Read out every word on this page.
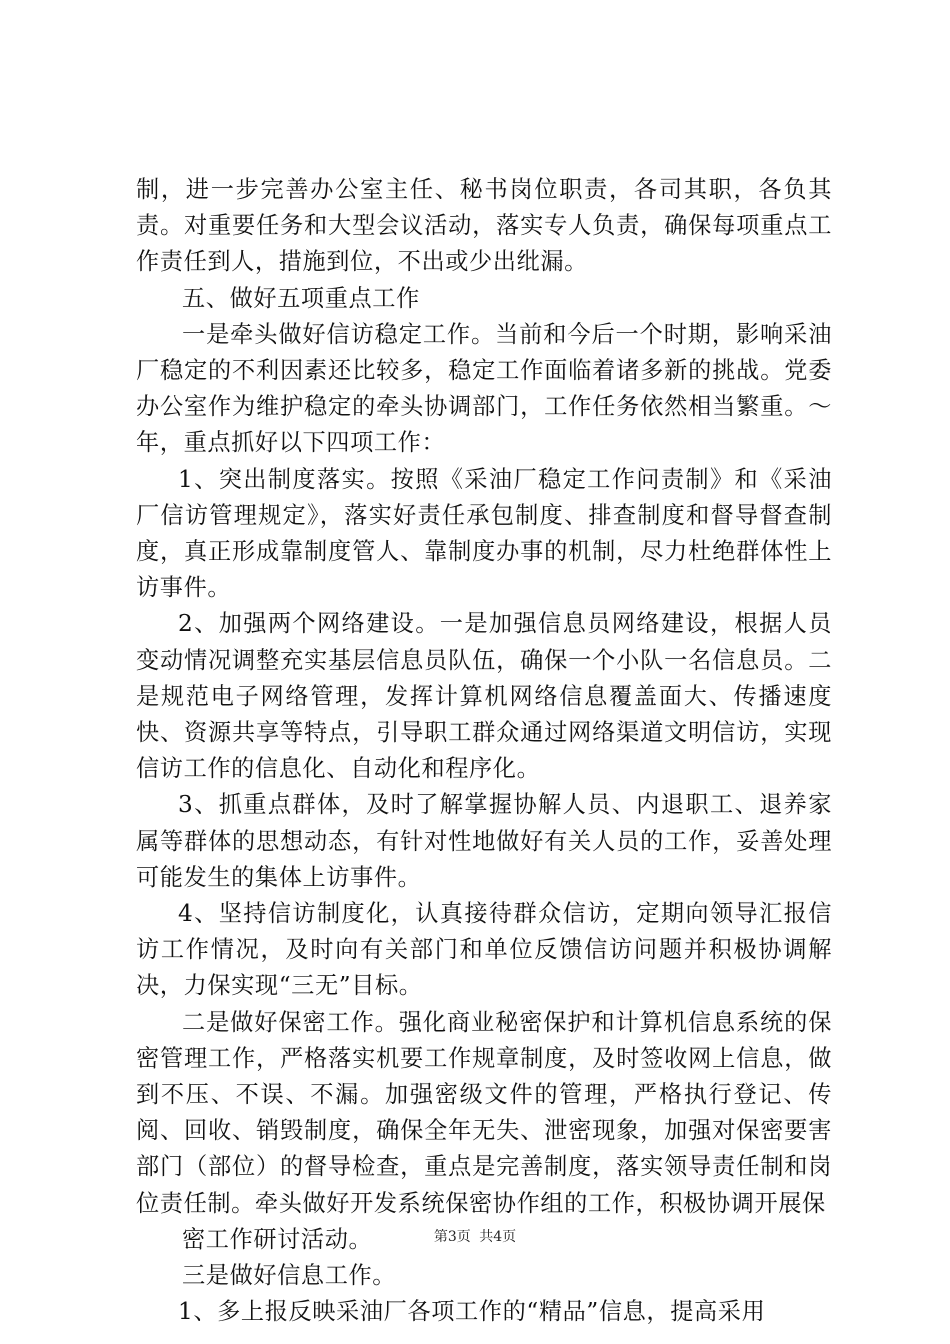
制，进一步完善办公室主任、秘书岗位职责，各司其职，各负其责。对重要任务和大型会议活动，落实专人负责，确保每项重点工作责任到人，措施到位，不出或少出纰漏。

五、做好五项重点工作

一是牵头做好信访稳定工作。当前和今后一个时期，影响采油厂稳定的不利因素还比较多，稳定工作面临着诸多新的挑战。党委办公室作为维护稳定的牵头协调部门，工作任务依然相当繁重。～年，重点抓好以下四项工作：

1、突出制度落实。按照《采油厂稳定工作问责制》和《采油厂信访管理规定》，落实好责任承包制度、排查制度和督导督查制度，真正形成靠制度管人、靠制度办事的机制，尽力杜绝群体性上访事件。

2、加强两个网络建设。一是加强信息员网络建设，根据人员变动情况调整充实基层信息员队伍，确保一个小队一名信息员。二是规范电子网络管理，发挥计算机网络信息覆盖面大、传播速度快、资源共享等特点，引导职工群众通过网络渠道文明信访，实现信访工作的信息化、自动化和程序化。

3、抓重点群体，及时了解掌握协解人员、内退职工、退养家属等群体的思想动态，有针对性地做好有关人员的工作，妥善处理可能发生的集体上访事件。

4、坚持信访制度化，认真接待群众信访，定期向领导汇报信访工作情况，及时向有关部门和单位反馈信访问题并积极协调解决，力保实现“三无”目标。

二是做好保密工作。强化商业秘密保护和计算机信息系统的保密管理工作，严格落实机要工作规章制度，及时签收网上信息，做到不压、不误、不漏。加强密级文件的管理，严格执行登记、传阅、回收、销毁制度，确保全年无失、泄密现象，加强对保密要害部门（部位）的督导检查，重点是完善制度，落实领导责任制和岗位责任制。牵头做好开发系统保密协作组的工作，积极协调开展保

密工作研讨活动。

三是做好信息工作。

1、多上报反映采油厂各项工作的“精品”信息，提高采用

第3页 共4页
